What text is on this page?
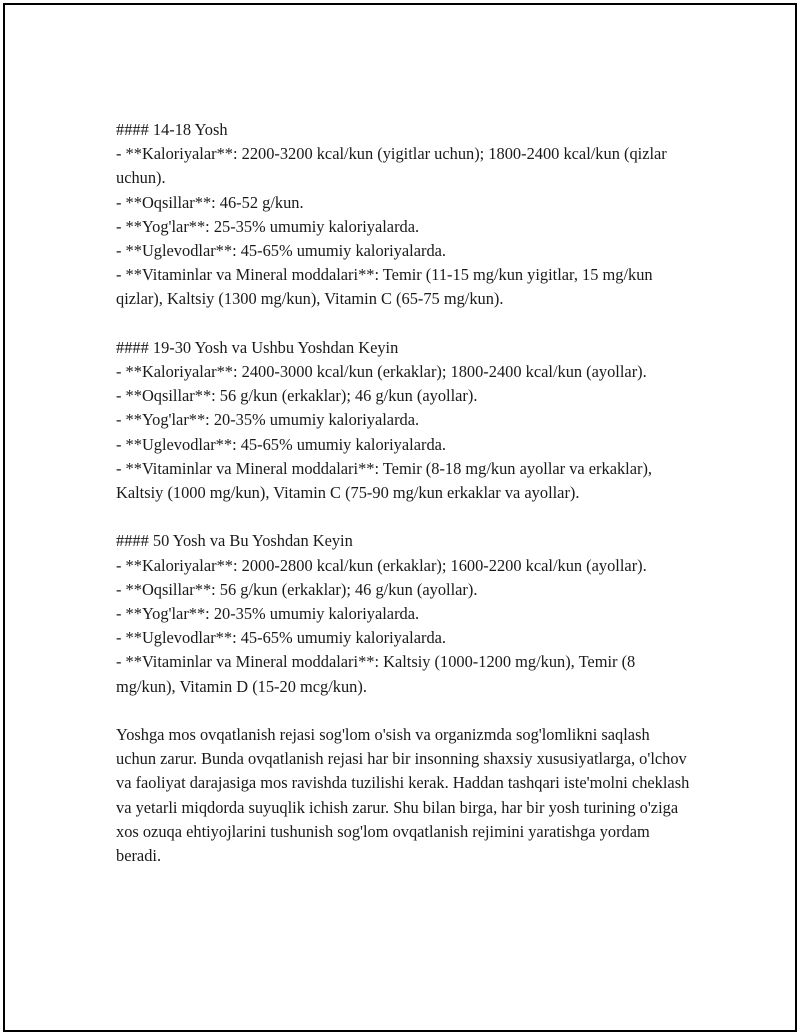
#### 14-18 Yosh
- **Kaloriyalar**: 2200-3200 kcal/kun (yigitlar uchun); 1800-2400 kcal/kun (qizlar uchun).
- **Oqsillar**: 46-52 g/kun.
- **Yog'lar**: 25-35% umumiy kaloriyalarda.
- **Uglevodlar**: 45-65% umumiy kaloriyalarda.
- **Vitaminlar va Mineral moddalari**: Temir (11-15 mg/kun yigitlar, 15 mg/kun qizlar), Kaltsiy (1300 mg/kun), Vitamin C (65-75 mg/kun).
#### 19-30 Yosh va Ushbu Yoshdan Keyin
- **Kaloriyalar**: 2400-3000 kcal/kun (erkaklar); 1800-2400 kcal/kun (ayollar).
- **Oqsillar**: 56 g/kun (erkaklar); 46 g/kun (ayollar).
- **Yog'lar**: 20-35% umumiy kaloriyalarda.
- **Uglevodlar**: 45-65% umumiy kaloriyalarda.
- **Vitaminlar va Mineral moddalari**: Temir (8-18 mg/kun ayollar va erkaklar), Kaltsiy (1000 mg/kun), Vitamin C (75-90 mg/kun erkaklar va ayollar).
#### 50 Yosh va Bu Yoshdan Keyin
- **Kaloriyalar**: 2000-2800 kcal/kun (erkaklar); 1600-2200 kcal/kun (ayollar).
- **Oqsillar**: 56 g/kun (erkaklar); 46 g/kun (ayollar).
- **Yog'lar**: 20-35% umumiy kaloriyalarda.
- **Uglevodlar**: 45-65% umumiy kaloriyalarda.
- **Vitaminlar va Mineral moddalari**: Kaltsiy (1000-1200 mg/kun), Temir (8 mg/kun), Vitamin D (15-20 mcg/kun).

Yoshga mos ovqatlanish rejasi sog'lom o'sish va organizmda sog'lomlikni saqlash uchun zarur. Bunda ovqatlanish rejasi har bir insonning shaxsiy xususiyatlarga, o'lchov va faoliyat darajasiga mos ravishda tuzilishi kerak. Haddan tashqari iste'molni cheklash va yetarli miqdorda suyuqlik ichish zarur. Shu bilan birga, har bir yosh turining o'ziga xos ozuqa ehtiyojlarini tushunish sog'lom ovqatlanish rejimini yaratishga yordam beradi.
